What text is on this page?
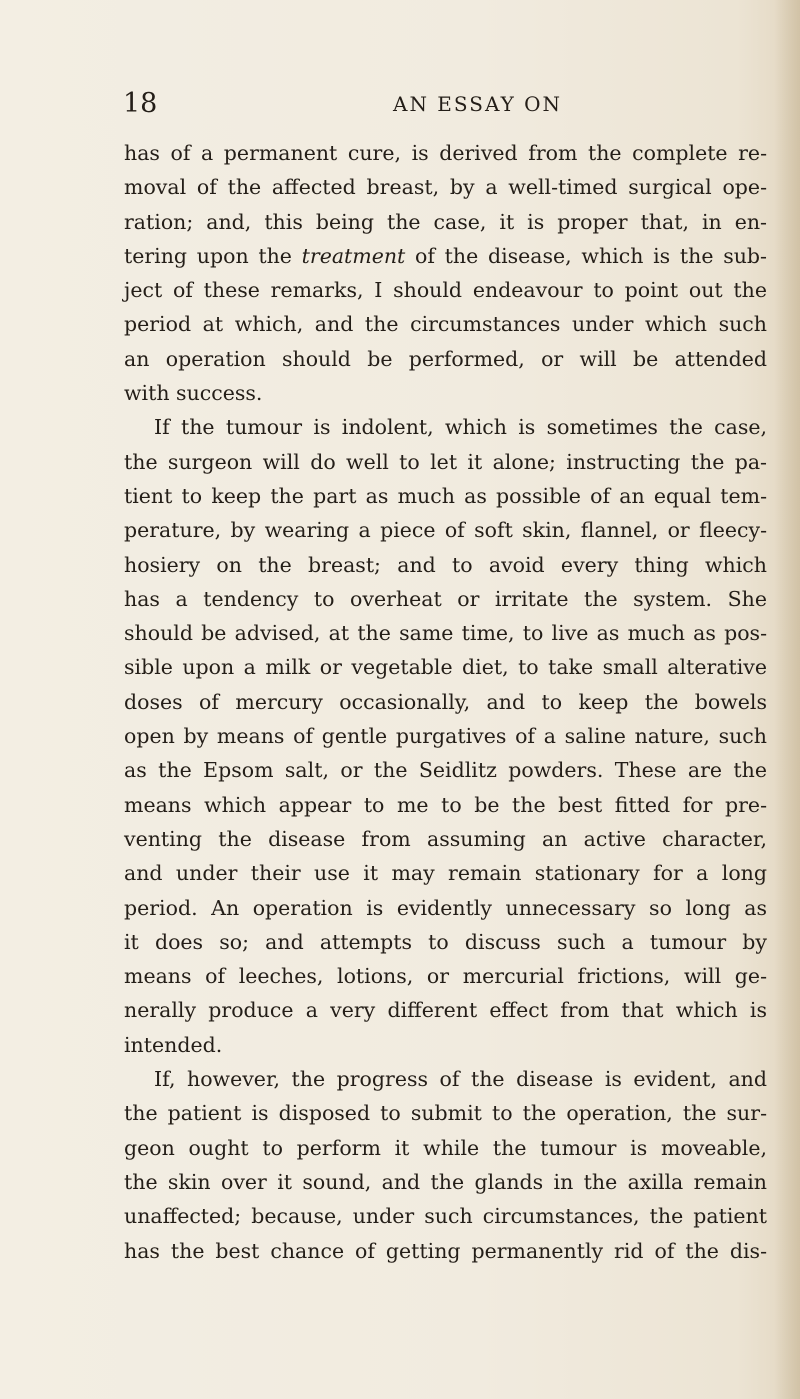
18	AN ESSAY ON
has of a permanent cure, is derived from the complete re-
moval of the affected breast, by a well-timed surgical ope-
ration; and, this being the case, it is proper that, in en-
tering upon the treatment of the disease, which is the sub-
ject of these remarks, I should endeavour to point out the
period at which, and the circumstances under which such
an operation should be performed, or will be attended
with success.
If the tumour is indolent, which is sometimes the case,
the surgeon will do well to let it alone; instructing the pa-
tient to keep the part as much as possible of an equal tem-
perature, by wearing a piece of soft skin, flannel, or fleecy-
hosiery on the breast; and to avoid every thing which
has a tendency to overheat or irritate the system. She
should be advised, at the same time, to live as much as pos-
sible upon a milk or vegetable diet, to take small alterative
doses of mercury occasionally, and to keep the bowels
open by means of gentle purgatives of a saline nature, such
as the Epsom salt, or the Seidlitz powders. These are the
means which appear to me to be the best fitted for pre-
venting the disease from assuming an active character,
and under their use it may remain stationary for a long
period. An operation is evidently unnecessary so long as
it does so; and attempts to discuss such a tumour by
means of leeches, lotions, or mercurial frictions, will ge-
nerally produce a very different effect from that which is
intended.
If, however, the progress of the disease is evident, and
the patient is disposed to submit to the operation, the sur-
geon ought to perform it while the tumour is moveable,
the skin over it sound, and the glands in the axilla remain
unaffected; because, under such circumstances, the patient
has the best chance of getting permanently rid of the dis-
